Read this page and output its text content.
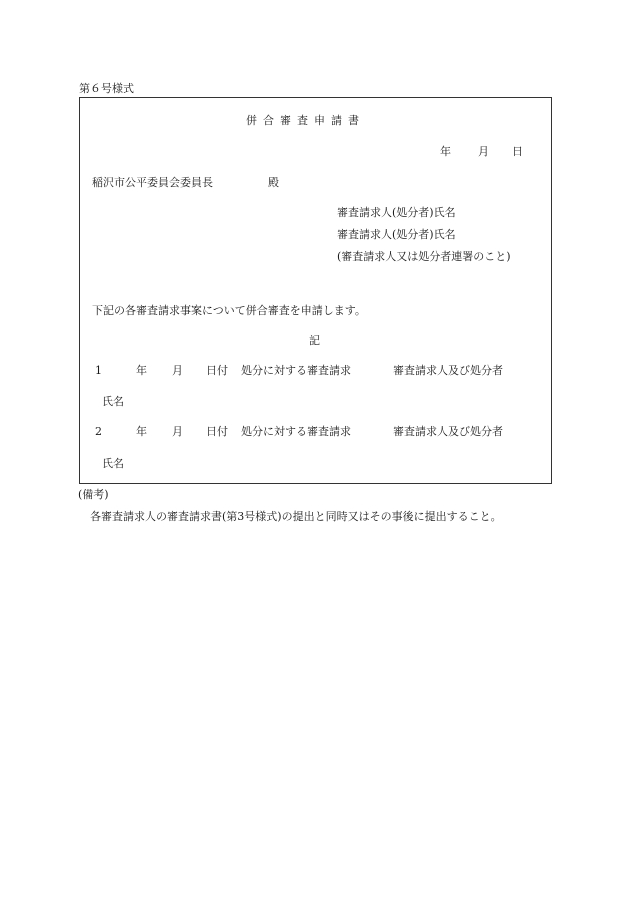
第６号様式
併合審査申請書
年 月 日
稲沢市公平委員会委員長	殿
審査請求人(処分者)氏名
審査請求人(処分者)氏名
(審査請求人又は処分者連署のこと)
下記の各審査請求事案について併合審査を申請します。
記
1	年 月 日付 処分に対する審査請求	審査請求人及び処分者
氏名
2	年 月 日付 処分に対する審査請求	審査請求人及び処分者
氏名
(備考)
各審査請求人の審査請求書(第3号様式)の提出と同時又はその事後に提出すること。
